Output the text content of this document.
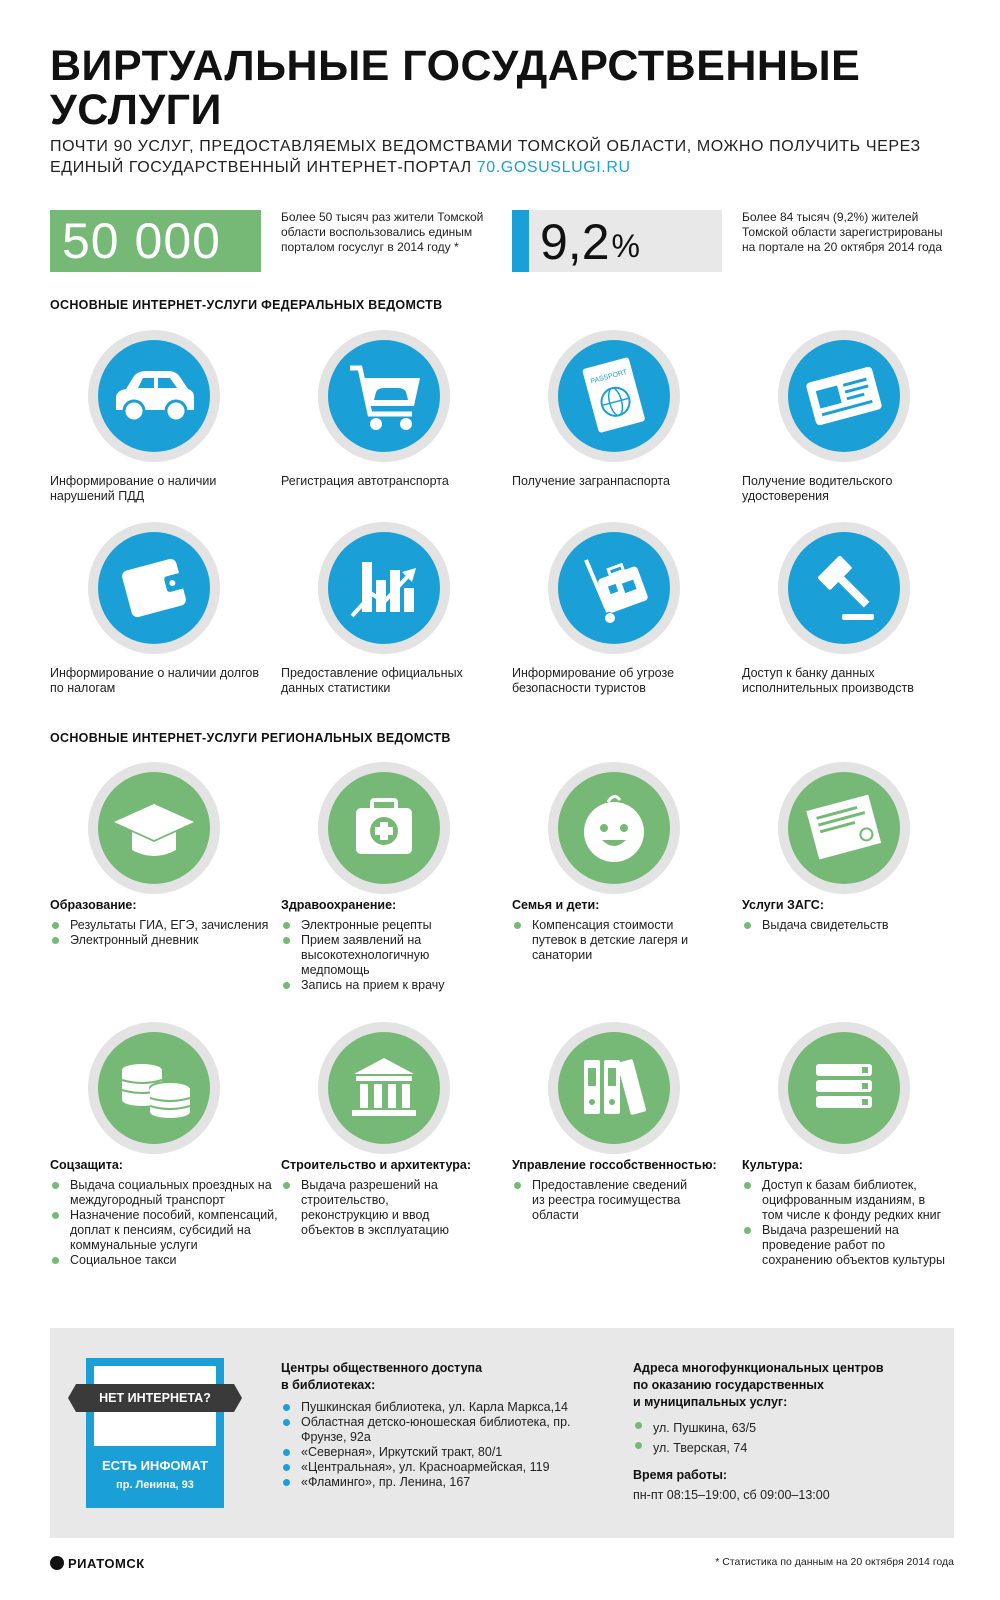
ВИРТУАЛЬНЫЕ ГОСУДАРСТВЕННЫЕ УСЛУГИ
ПОЧТИ 90 УСЛУГ, ПРЕДОСТАВЛЯЕМЫХ ВЕДОМСТВАМИ ТОМСКОЙ ОБЛАСТИ, МОЖНО ПОЛУЧИТЬ ЧЕРЕЗ ЕДИНЫЙ ГОСУДАРСТВЕННЫЙ ИНТЕРНЕТ-ПОРТАЛ 70.GOSUSLUGI.RU
50 000	Более 50 тысяч раз жители Томской области воспользовались единым порталом госуслуг в 2014 году *	9,2%
Более 84 тысяч (9,2%) жителей Томской области зарегистрированы на портале на 20 октября 2014 года
ОСНОВНЫЕ ИНТЕРНЕТ-УСЛУГИ ФЕДЕРАЛЬНЫХ ВЕДОМСТВ
PASSPORT
Информирование о наличии нарушений ПДД
Регистрация автотранспорта	Получение загранпаспорта	Получение водительского удостоверения
Информирование о наличии долгов по налогам
Предоставление официальных данных статистики
Информирование об угрозе безопасности туристов
Доступ к банку данных исполнительных производств
ОСНОВНЫЕ ИНТЕРНЕТ-УСЛУГИ РЕГИОНАЛЬНЫХ ВЕДОМСТВ
Образование:
Результаты ГИА, ЕГЭ, зачисления
Электронный дневник
Здравоохранение:
Электронные рецепты
Прием заявлений на высокотехнологичную медпомощь
Запись на прием к врачу
Семья и дети:
Компенсация стоимости путевок в детские лагеря и санатории
Услуги ЗАГС:
Выдача свидетельств
Соцзащита:
Выдача социальных проездных на междугородный транспорт
Назначение пособий, компенсаций, доплат к пенсиям, субсидий на коммунальные услуги
Социальное такси
Строительство и архитектура:
Выдача разрешений на строительство, реконструкцию и ввод объектов в эксплуатацию
Управление госсобственностью:
Предоставление сведений из реестра госимущества области
Культура:
Доступ к базам библиотек, оцифрованным изданиям, в том числе к фонду редких книг
Выдача разрешений на проведение работ по сохранению объектов культуры
НЕТ ИНТЕРНЕТА?
ЕСТЬ ИНФОМАТ
пр. Ленина, 93
Центры общественного доступа
в библиотеках:
Пушкинская библиотека, ул. Карла Маркса,14
Областная детско-юношеская библиотека, пр. Фрунзе, 92а
«Северная», Иркутский тракт, 80/1
«Центральная», ул. Красноармейская, 119
«Фламинго», пр. Ленина, 167
Адреса многофункциональных центров
по оказанию государственных
и муниципальных услуг:
ул. Пушкина, 63/5
ул. Тверская, 74
Время работы:
пн-пт 08:15–19:00, сб 09:00–13:00
РИАТОМСК	* Статистика по данным на 20 октября 2014 года
